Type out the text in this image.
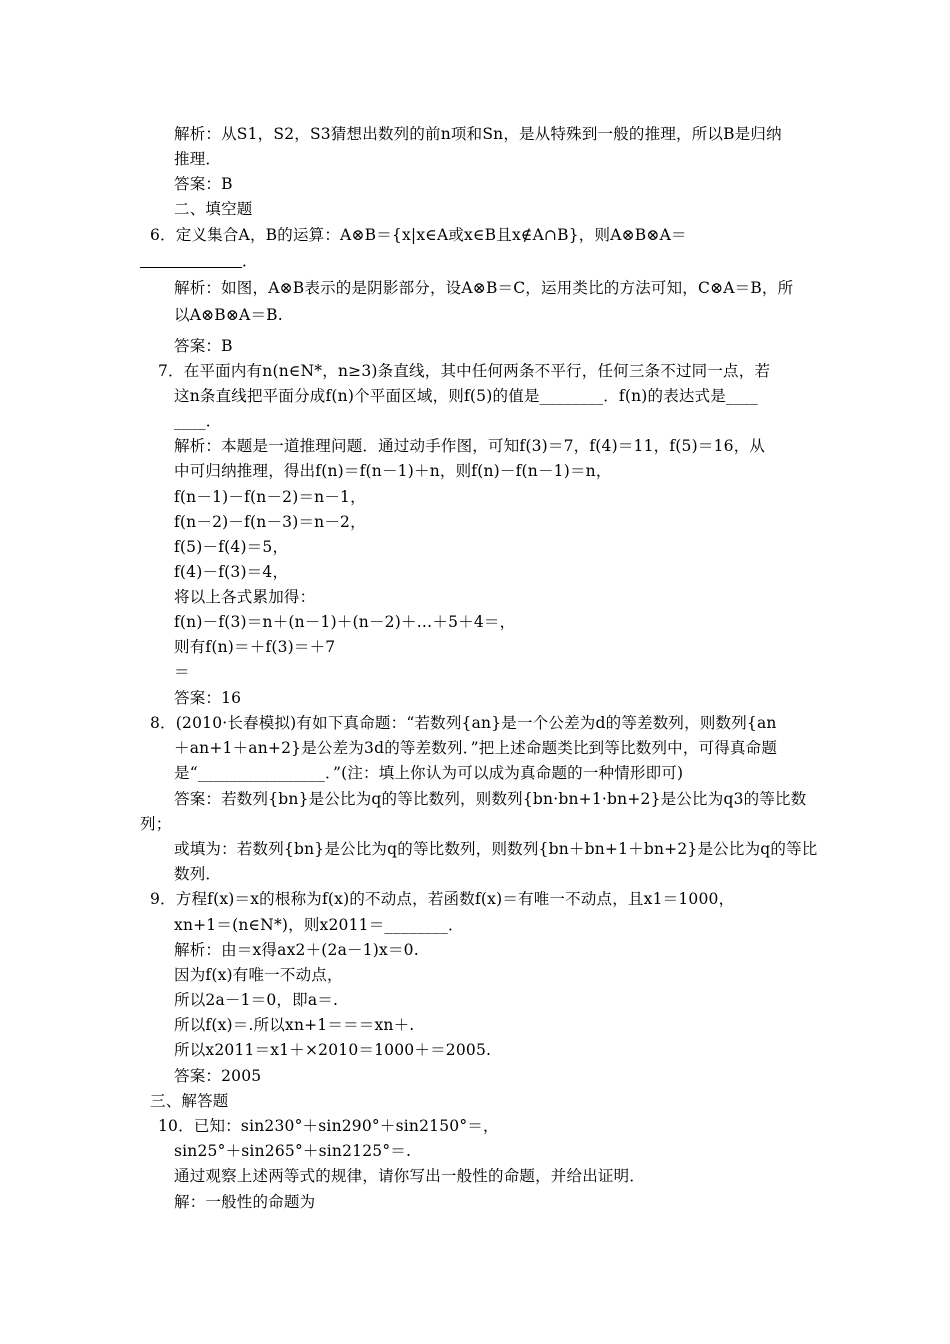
解析：从S1，S2，S3猜想出数列的前n项和Sn，是从特殊到一般的推理，所以B是归纳
推理．
答案：B
二、填空题
6．定义集合A，B的运算：A⊗B＝{x|x∈A或x∈B且x∉A∩B}，则A⊗B⊗A＝
．
解析：如图，A⊗B表示的是阴影部分，设A⊗B＝C，运用类比的方法可知，C⊗A＝B，所
以A⊗B⊗A＝B.
答案：B
7．在平面内有n(n∈N*，n≥3)条直线，其中任何两条不平行，任何三条不过同一点，若
这n条直线把平面分成f(n)个平面区域，则f(5)的值是________．f(n)的表达式是____
____．
解析：本题是一道推理问题．通过动手作图，可知f(3)＝7，f(4)＝11，f(5)＝16，从
中可归纳推理，得出f(n)＝f(n－1)＋n，则f(n)－f(n－1)＝n，
f(n－1)－f(n－2)＝n－1，
f(n－2)－f(n－3)＝n－2，
f(5)－f(4)＝5，
f(4)－f(3)＝4，
将以上各式累加得：
f(n)－f(3)＝n＋(n－1)＋(n－2)＋…＋5＋4＝，
则有f(n)＝＋f(3)＝＋7
＝
答案：16
8．(2010·长春模拟)有如下真命题：“若数列{an}是一个公差为d的等差数列，则数列{an
＋an+1＋an+2}是公差为3d的等差数列．”把上述命题类比到等比数列中，可得真命题
是“________________．”(注：填上你认为可以成为真命题的一种情形即可)
答案：若数列{bn}是公比为q的等比数列，则数列{bn·bn+1·bn+2}是公比为q3的等比数
列；
或填为：若数列{bn}是公比为q的等比数列，则数列{bn＋bn+1＋bn+2}是公比为q的等比
数列．
9．方程f(x)＝x的根称为f(x)的不动点，若函数f(x)＝有唯一不动点，且x1＝1000，
xn+1＝(n∈N*)，则x2011＝________．
解析：由＝x得ax2＋(2a－1)x＝0.
因为f(x)有唯一不动点，
所以2a－1＝0，即a＝.
所以f(x)＝.所以xn+1＝＝＝xn＋.
所以x2011＝x1＋×2010＝1000＋＝2005.
答案：2005
三、解答题
10．已知：sin230°＋sin290°＋sin2150°＝，
sin25°＋sin265°＋sin2125°＝.
通过观察上述两等式的规律，请你写出一般性的命题，并给出证明．
解：一般性的命题为
